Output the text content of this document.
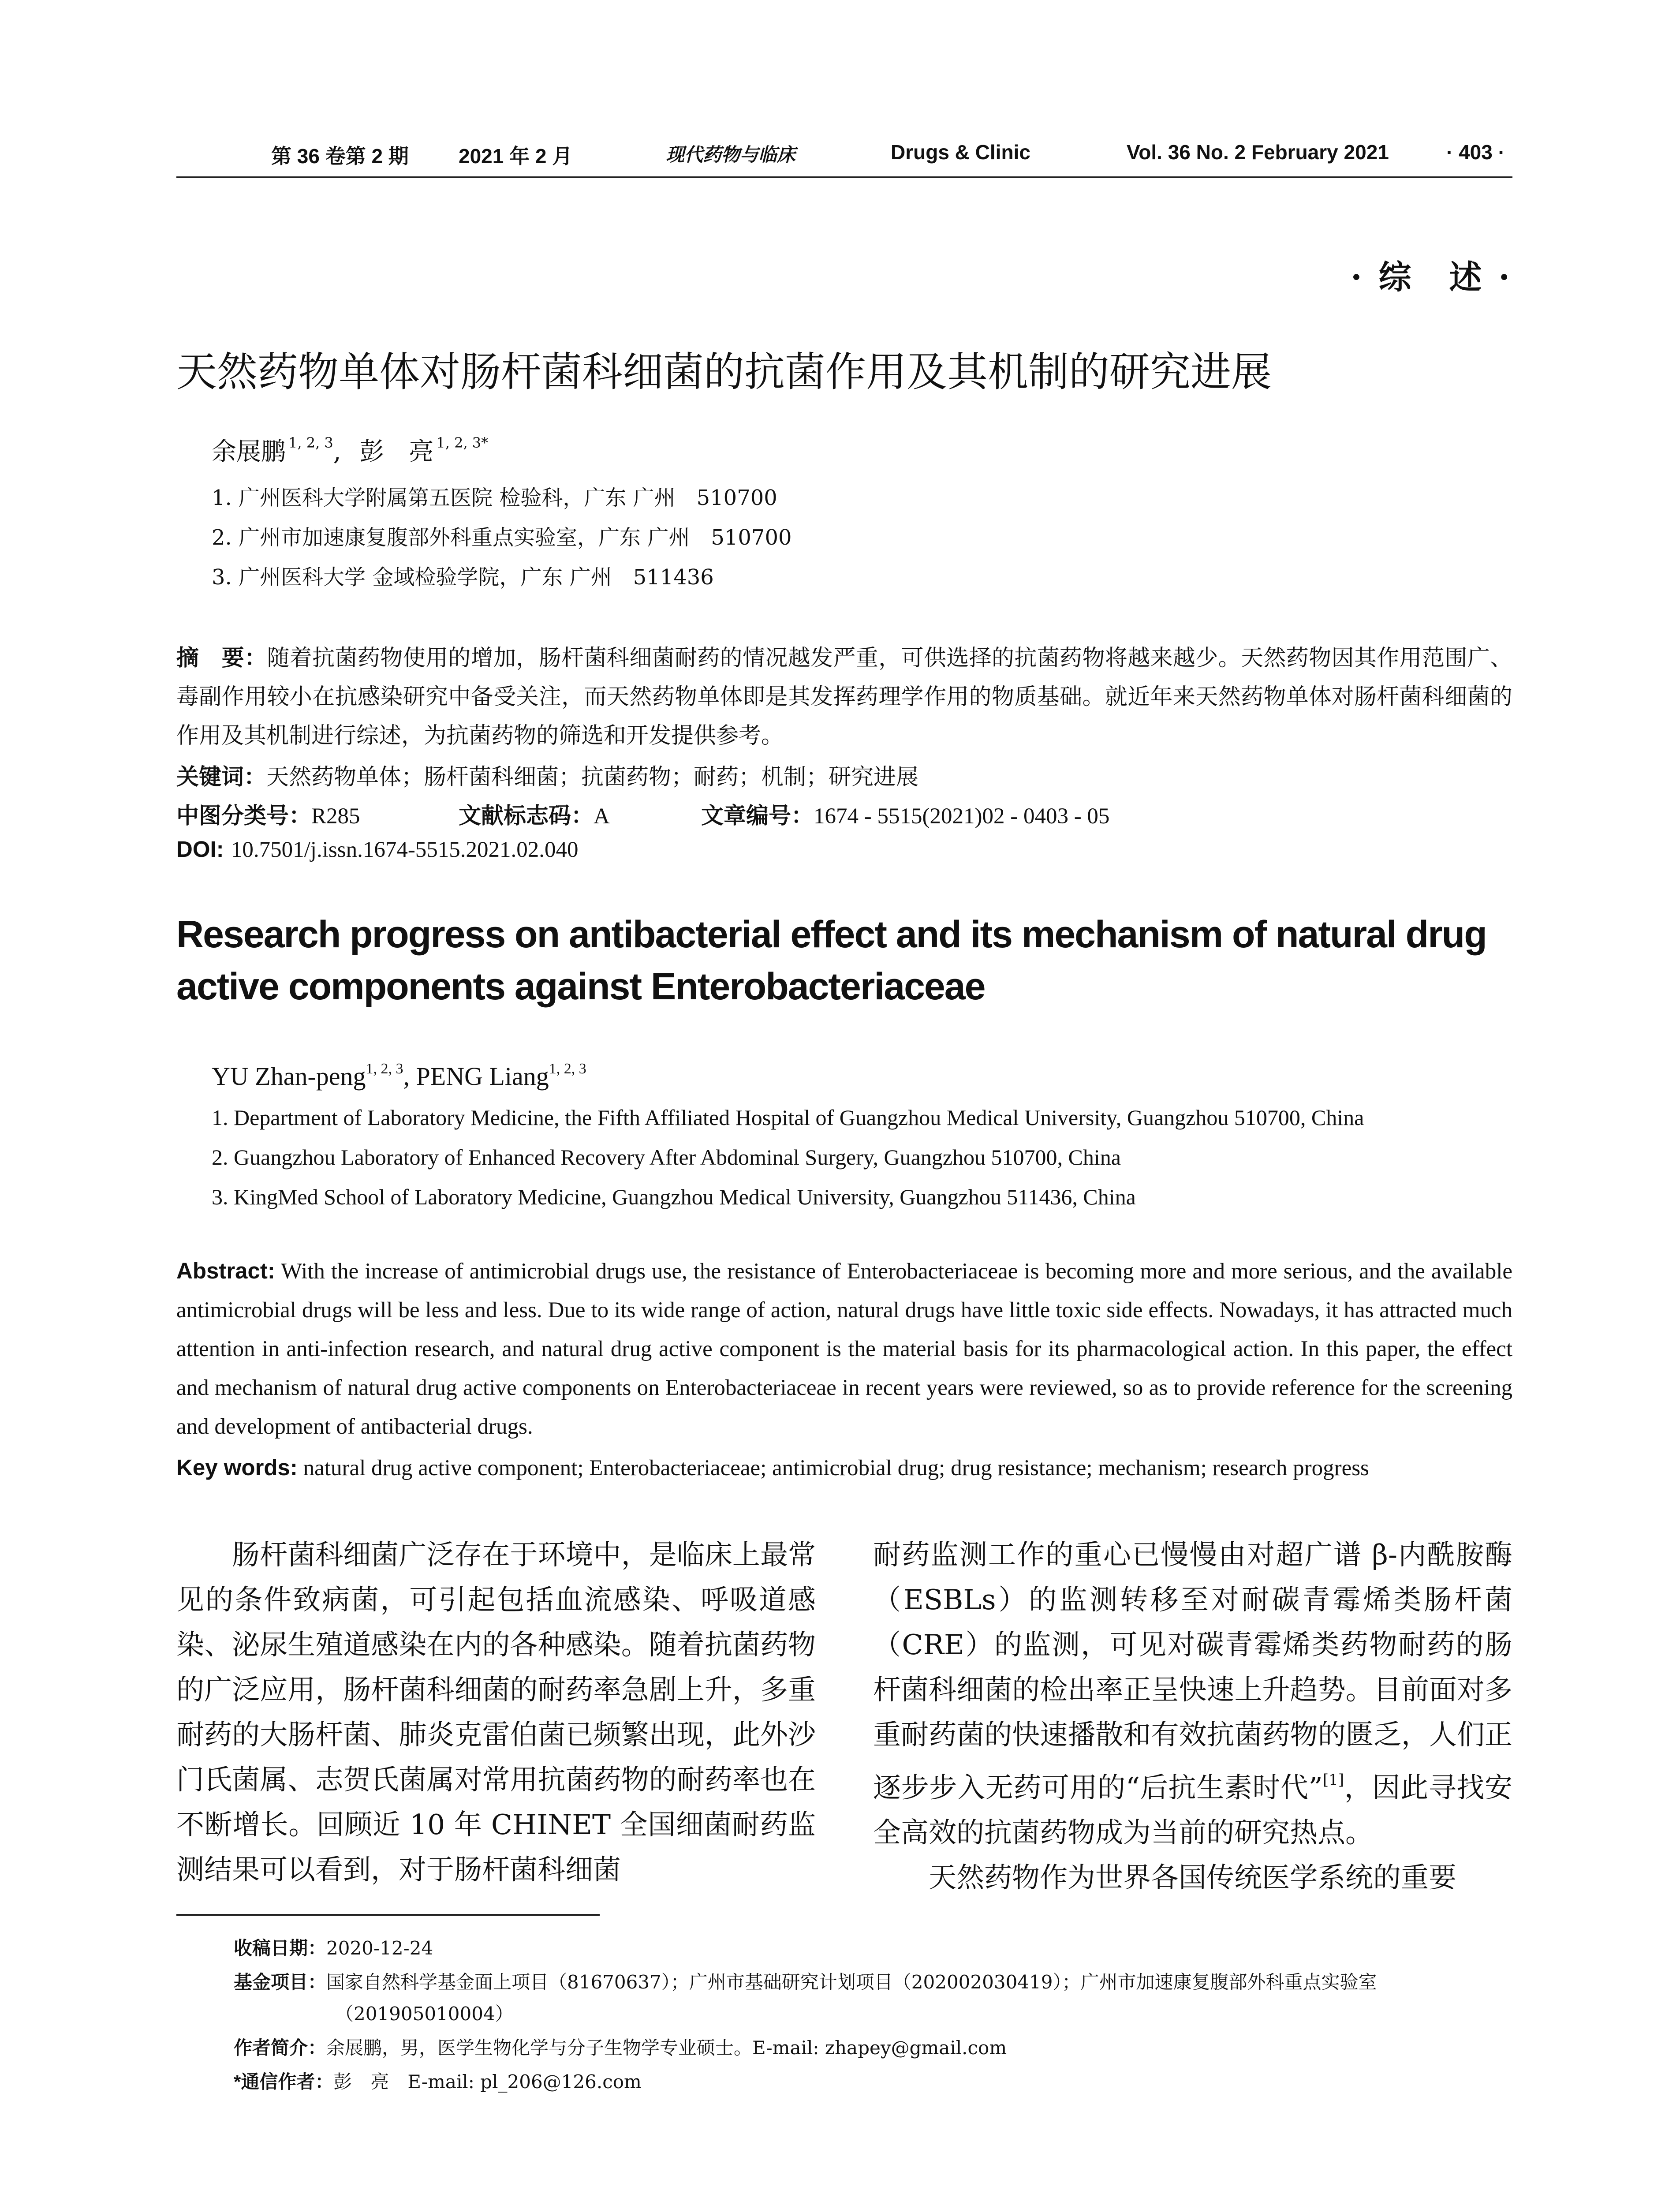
第 36 卷第 2 期 2021 年 2 月	现代药物与临床	Drugs & Clinic	Vol. 36 No. 2 February 2021	· 403 ·
· 综　述 ·
天然药物单体对肠杆菌科细菌的抗菌作用及其机制的研究进展
余展鹏 $^{1, 2, 3}$, 彭　亮 $^{1, 2, 3*}$
1. 广州医科大学附属第五医院 检验科，广东 广州　510700
2. 广州市加速康复腹部外科重点实验室，广东 广州　510700
3. 广州医科大学 金域检验学院，广东 广州　511436
摘　要：随着抗菌药物使用的增加，肠杆菌科细菌耐药的情况越发严重，可供选择的抗菌药物将越来越少。天然药物因其作用范围广、毒副作用较小在抗感染研究中备受关注，而天然药物单体即是其发挥药理学作用的物质基础。就近年来天然药物单体对肠杆菌科细菌的作用及其机制进行综述，为抗菌药物的筛选和开发提供参考。
关键词：天然药物单体；肠杆菌科细菌；抗菌药物；耐药；机制；研究进展
中图分类号：R285	文献标志码：A	文章编号：1674 - 5515(2021)02 - 0403 - 05
DOI: 10.7501/j.issn.1674-5515.2021.02.040
Research progress on antibacterial effect and its mechanism of natural drug
active components against Enterobacteriaceae
YU Zhan-peng$^{1, 2, 3}$, PENG Liang$^{1, 2, 3}$
1. Department of Laboratory Medicine, the Fifth Affiliated Hospital of Guangzhou Medical University, Guangzhou 510700, China
2. Guangzhou Laboratory of Enhanced Recovery After Abdominal Surgery, Guangzhou 510700, China
3. KingMed School of Laboratory Medicine, Guangzhou Medical University, Guangzhou 511436, China
Abstract: With the increase of antimicrobial drugs use, the resistance of Enterobacteriaceae is becoming more and more serious, and the available antimicrobial drugs will be less and less. Due to its wide range of action, natural drugs have little toxic side effects. Nowadays, it has attracted much attention in anti-infection research, and natural drug active component is the material basis for its pharmacological action. In this paper, the effect and mechanism of natural drug active components on Enterobacteriaceae in recent years were reviewed, so as to provide reference for the screening and development of antibacterial drugs.
Key words: natural drug active component; Enterobacteriaceae; antimicrobial drug; drug resistance; mechanism; research progress
肠杆菌科细菌广泛存在于环境中，是临床上最常见的条件致病菌，可引起包括血流感染、呼吸道感染、泌尿生殖道感染在内的各种感染。随着抗菌药物的广泛应用，肠杆菌科细菌的耐药率急剧上升，多重耐药的大肠杆菌、肺炎克雷伯菌已频繁出现，此外沙门氏菌属、志贺氏菌属对常用抗菌药物的耐药率也在不断增长。回顾近 10 年 CHINET 全国细菌耐药监测结果可以看到，对于肠杆菌科细菌
耐药监测工作的重心已慢慢由对超广谱 β-内酰胺酶（ESBLs）的监测转移至对耐碳青霉烯类肠杆菌（CRE）的监测，可见对碳青霉烯类药物耐药的肠杆菌科细菌的检出率正呈快速上升趋势。目前面对多重耐药菌的快速播散和有效抗菌药物的匮乏，人们正逐步步入无药可用的“后抗生素时代”[1]，因此寻找安全高效的抗菌药物成为当前的研究热点。
天然药物作为世界各国传统医学系统的重要
收稿日期：2020-12-24
基金项目：国家自然科学基金面上项目（81670637）；广州市基础研究计划项目（202002030419）；广州市加速康复腹部外科重点实验室
（201905010004）
作者简介：余展鹏，男，医学生物化学与分子生物学专业硕士。E-mail: zhapey@gmail.com
*通信作者：彭　亮　E-mail: pl_206@126.com
